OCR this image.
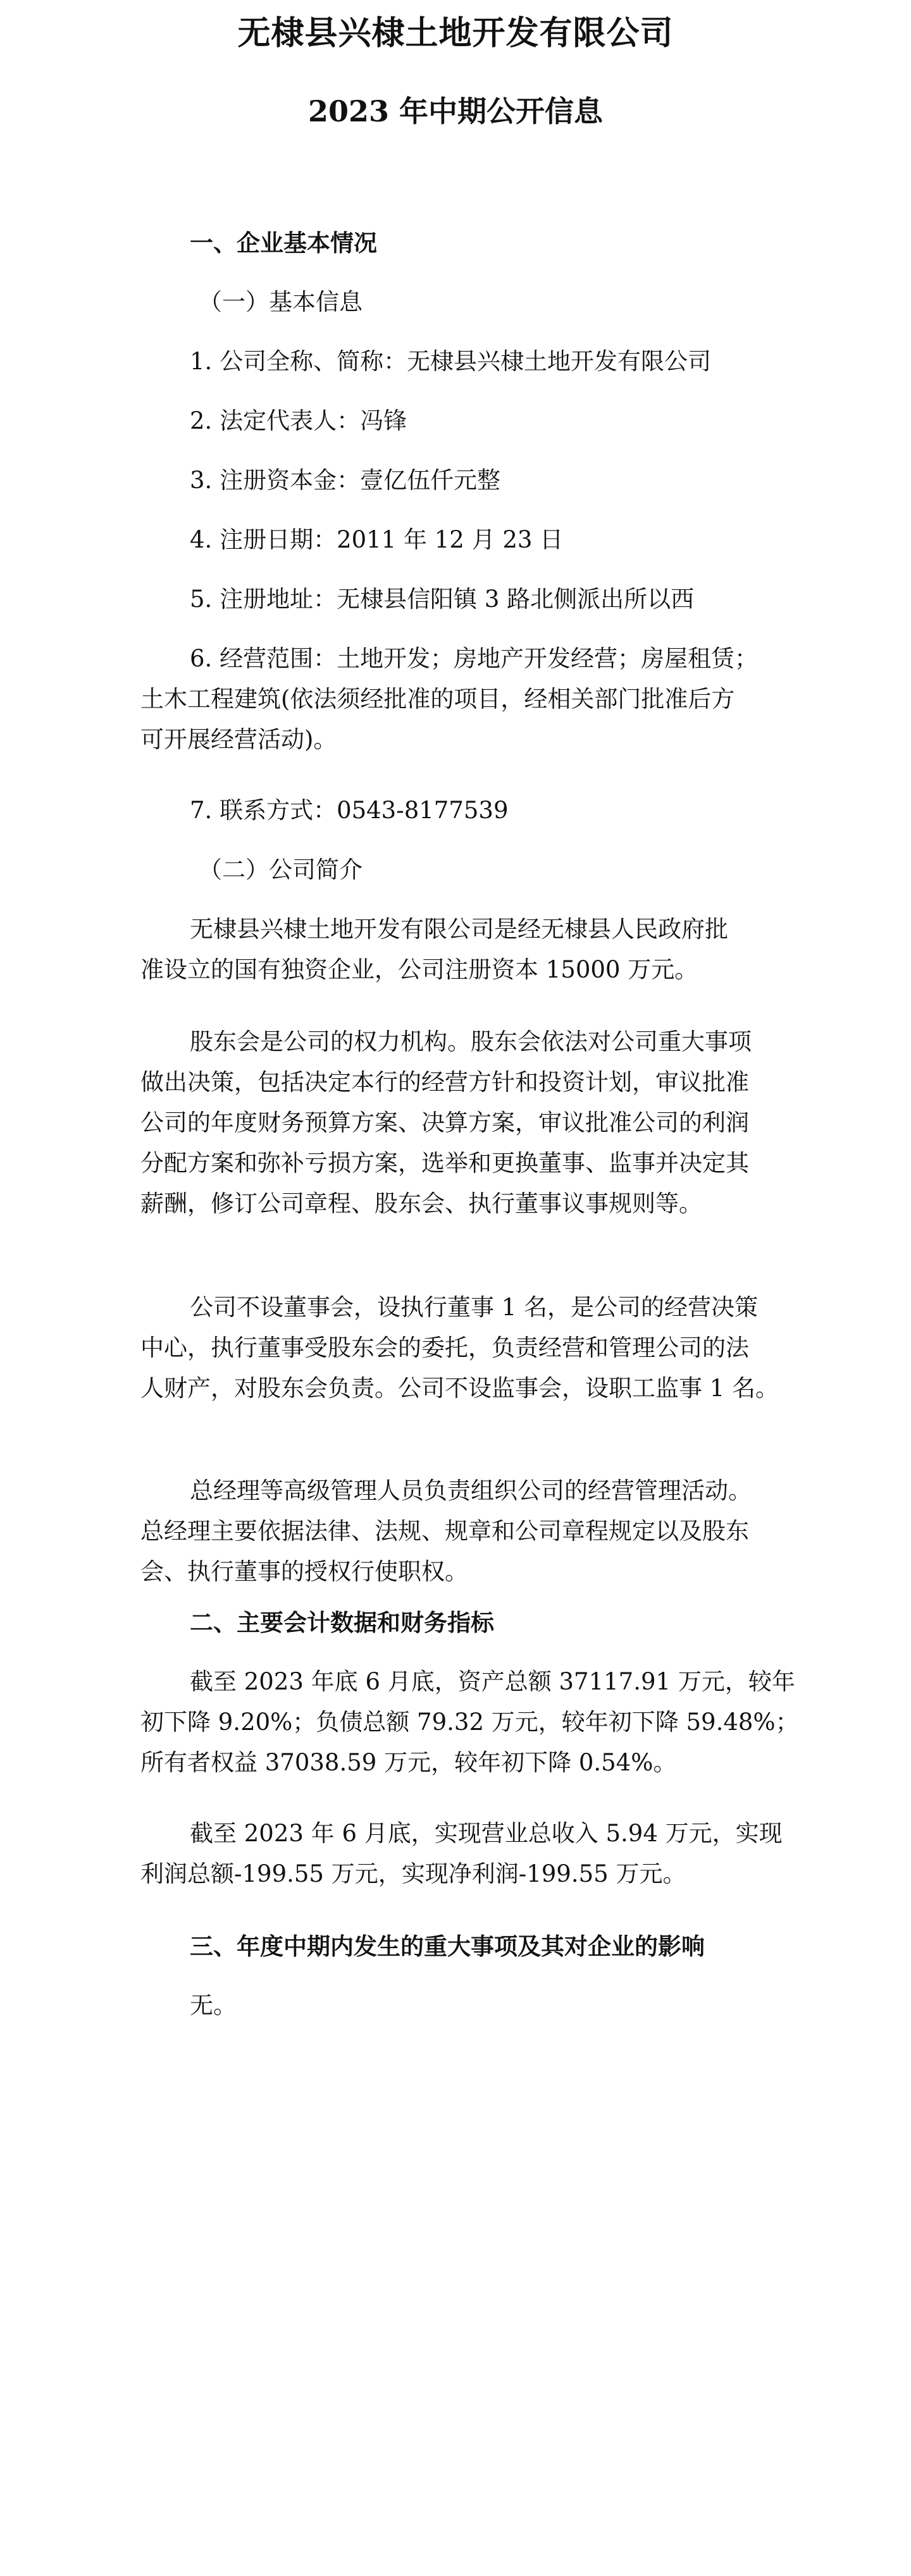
无棣县兴棣土地开发有限公司
2023 年中期公开信息
一、企业基本情况
（一）基本信息
1. 公司全称、简称：无棣县兴棣土地开发有限公司
2. 法定代表人：冯锋
3. 注册资本金：壹亿伍仟元整
4. 注册日期：2011 年 12 月 23 日
5. 注册地址：无棣县信阳镇 3 路北侧派出所以西
6. 经营范围：土地开发；房地产开发经营；房屋租赁；
土木工程建筑(依法须经批准的项目，经相关部门批准后方
可开展经营活动)。
7. 联系方式：0543-8177539
（二）公司简介
无棣县兴棣土地开发有限公司是经无棣县人民政府批
准设立的国有独资企业，公司注册资本 15000 万元。
股东会是公司的权力机构。股东会依法对公司重大事项
做出决策，包括决定本行的经营方针和投资计划，审议批准
公司的年度财务预算方案、决算方案，审议批准公司的利润
分配方案和弥补亏损方案，选举和更换董事、监事并决定其
薪酬，修订公司章程、股东会、执行董事议事规则等。
公司不设董事会，设执行董事 1 名，是公司的经营决策
中心，执行董事受股东会的委托，负责经营和管理公司的法
人财产，对股东会负责。公司不设监事会，设职工监事 1 名。
总经理等高级管理人员负责组织公司的经营管理活动。
总经理主要依据法律、法规、规章和公司章程规定以及股东
会、执行董事的授权行使职权。
二、主要会计数据和财务指标
截至 2023 年底 6 月底，资产总额 37117.91 万元，较年
初下降 9.20%；负债总额 79.32 万元，较年初下降 59.48%；
所有者权益 37038.59 万元，较年初下降 0.54%。
截至 2023 年 6 月底，实现营业总收入 5.94 万元，实现
利润总额-199.55 万元，实现净利润-199.55 万元。
三、年度中期内发生的重大事项及其对企业的影响
无。
